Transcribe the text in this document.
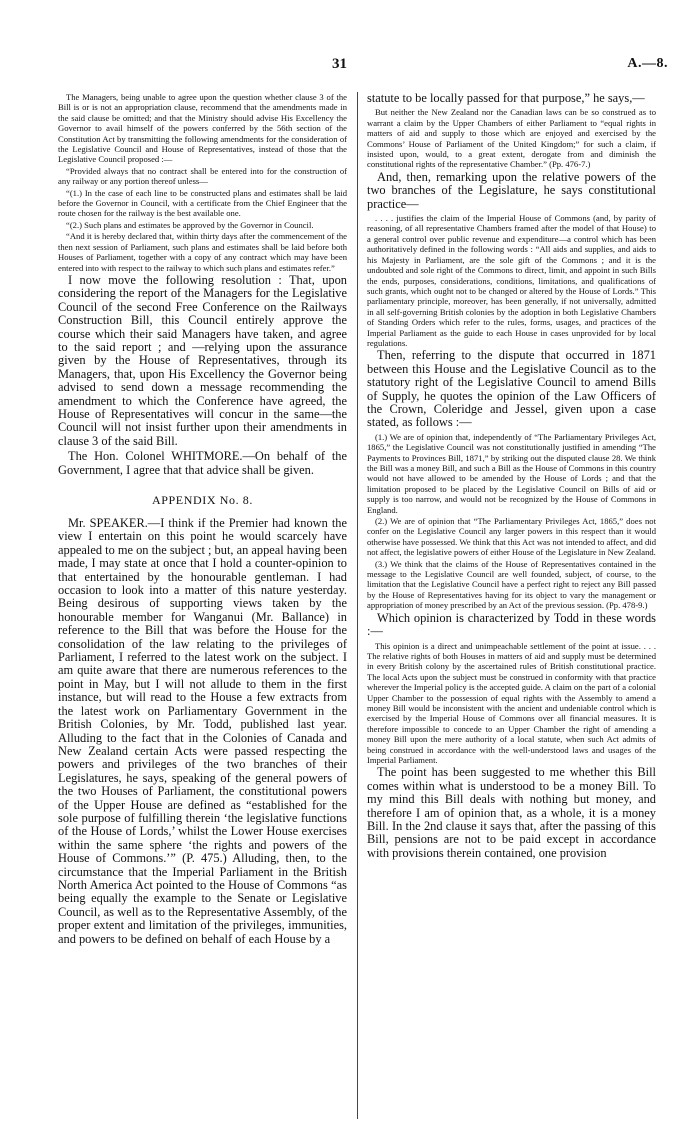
31	A.—8.

The Managers, being unable to agree upon the question whether clause 3 of the Bill is or is not an appropriation clause, recommend that the amendments made in the said clause be omitted; and that the Ministry should advise His Excellency the Governor to avail himself of the powers conferred by the 56th section of the Constitution Act by transmitting the following amendments for the consideration of the Legislative Council and House of Representatives, instead of those that the Legislative Council proposed :—

“Provided always that no contract shall be entered into for the construction of any railway or any portion thereof unless—

“(1.) In the case of each line to be constructed plans and estimates shall be laid before the Governor in Council, with a certificate from the Chief Engineer that the route chosen for the railway is the best available one.

“(2.) Such plans and estimates be approved by the Governor in Council.

“And it is hereby declared that, within thirty days after the commencement of the then next session of Parliament, such plans and estimates shall be laid before both Houses of Parliament, together with a copy of any contract which may have been entered into with respect to the railway to which such plans and estimates refer.”

I now move the following resolution : That, upon considering the report of the Managers for the Legislative Council of the second Free Conference on the Railways Construction Bill, this Council entirely approve the course which their said Managers have taken, and agree to the said report ; and —relying upon the assurance given by the House of Representatives, through its Managers, that, upon His Excellency the Governor being advised to send down a message recommending the amendment to which the Conference have agreed, the House of Representatives will concur in the same—the Council will not insist further upon their amendments in clause 3 of the said Bill.

The Hon. Colonel WHITMORE.—On behalf of the Government, I agree that that advice shall be given.

APPENDIX No. 8.

Mr. SPEAKER.—I think if the Premier had known the view I entertain on this point he would scarcely have appealed to me on the subject ; but, an appeal having been made, I may state at once that I hold a counter-opinion to that entertained by the honourable gentleman. I had occasion to look into a matter of this nature yesterday. Being desirous of supporting views taken by the honourable member for Wanganui (Mr. Ballance) in reference to the Bill that was before the House for the consolidation of the law relating to the privileges of Parliament, I referred to the latest work on the subject. I am quite aware that there are numerous references to the point in May, but I will not allude to them in the first instance, but will read to the House a few extracts from the latest work on Parliamentary Government in the British Colonies, by Mr. Todd, published last year. Alluding to the fact that in the Colonies of Canada and New Zealand certain Acts were passed respecting the powers and privileges of the two branches of their Legislatures, he says, speaking of the general powers of the two Houses of Parliament, the constitutional powers of the Upper House are defined as “established for the sole purpose of fulfilling therein ‘the legislative functions of the House of Lords,’ whilst the Lower House exercises within the same sphere ‘the rights and powers of the House of Commons.’” (P. 475.) Alluding, then, to the circumstance that the Imperial Parliament in the British North America Act pointed to the House of Commons “as being equally the example to the Senate or Legislative Council, as well as to the Representative Assembly, of the proper extent and limitation of the privileges, immunities, and powers to be defined on behalf of each House by a

statute to be locally passed for that purpose,” he says,—

But neither the New Zealand nor the Canadian laws can be so construed as to warrant a claim by the Upper Chambers of either Parliament to “equal rights in matters of aid and supply to those which are enjoyed and exercised by the Commons’ House of Parliament of the United Kingdom;” for such a claim, if insisted upon, would, to a great extent, derogate from and diminish the constitutional rights of the representative Chamber.” (Pp. 476-7.)

And, then, remarking upon the relative powers of the two branches of the Legislature, he says constitutional practice—

. . . . justifies the claim of the Imperial House of Commons (and, by parity of reasoning, of all representative Chambers framed after the model of that House) to a general control over public revenue and expenditure—a control which has been authoritatively defined in the following words : “All aids and supplies, and aids to his Majesty in Parliament, are the sole gift of the Commons ; and it is the undoubted and sole right of the Commons to direct, limit, and appoint in such Bills the ends, purposes, considerations, conditions, limitations, and qualifications of such grants, which ought not to be changed or altered by the House of Lords.” This parliamentary principle, moreover, has been generally, if not universally, admitted in all self-governing British colonies by the adoption in both Legislative Chambers of Standing Orders which refer to the rules, forms, usages, and practices of the Imperial Parliament as the guide to each House in cases unprovided for by local regulations.

Then, referring to the dispute that occurred in 1871 between this House and the Legislative Council as to the statutory right of the Legislative Council to amend Bills of Supply, he quotes the opinion of the Law Officers of the Crown, Coleridge and Jessel, given upon a case stated, as follows :—

(1.) We are of opinion that, independently of “The Parliamentary Privileges Act, 1865,” the Legislative Council was not constitutionally justified in amending “The Payments to Provinces Bill, 1871,” by striking out the disputed clause 28. We think the Bill was a money Bill, and such a Bill as the House of Commons in this country would not have allowed to be amended by the House of Lords ; and that the limitation proposed to be placed by the Legislative Council on Bills of aid or supply is too narrow, and would not be recognized by the House of Commons in England.

(2.) We are of opinion that “The Parliamentary Privileges Act, 1865,” does not confer on the Legislative Council any larger powers in this respect than it would otherwise have possessed. We think that this Act was not intended to affect, and did not affect, the legislative powers of either House of the Legislature in New Zealand.

(3.) We think that the claims of the House of Representatives contained in the message to the Legislative Council are well founded, subject, of course, to the limitation that the Legislative Council have a perfect right to reject any Bill passed by the House of Representatives having for its object to vary the management or appropriation of money prescribed by an Act of the previous session. (Pp. 478-9.)

Which opinion is characterized by Todd in these words :—

This opinion is a direct and unimpeachable settlement of the point at issue. . . . The relative rights of both Houses in matters of aid and supply must be determined in every British colony by the ascertained rules of British constitutional practice. The local Acts upon the subject must be construed in conformity with that practice wherever the Imperial policy is the accepted guide. A claim on the part of a colonial Upper Chamber to the possession of equal rights with the Assembly to amend a money Bill would be inconsistent with the ancient and undeniable control which is exercised by the Imperial House of Commons over all financial measures. It is therefore impossible to concede to an Upper Chamber the right of amending a money Bill upon the mere authority of a local statute, when such Act admits of being construed in accordance with the well-understood laws and usages of the Imperial Parliament.

The point has been suggested to me whether this Bill comes within what is understood to be a money Bill. To my mind this Bill deals with nothing but money, and therefore I am of opinion that, as a whole, it is a money Bill. In the 2nd clause it says that, after the passing of this Bill, pensions are not to be paid except in accordance with provisions therein contained, one provision
